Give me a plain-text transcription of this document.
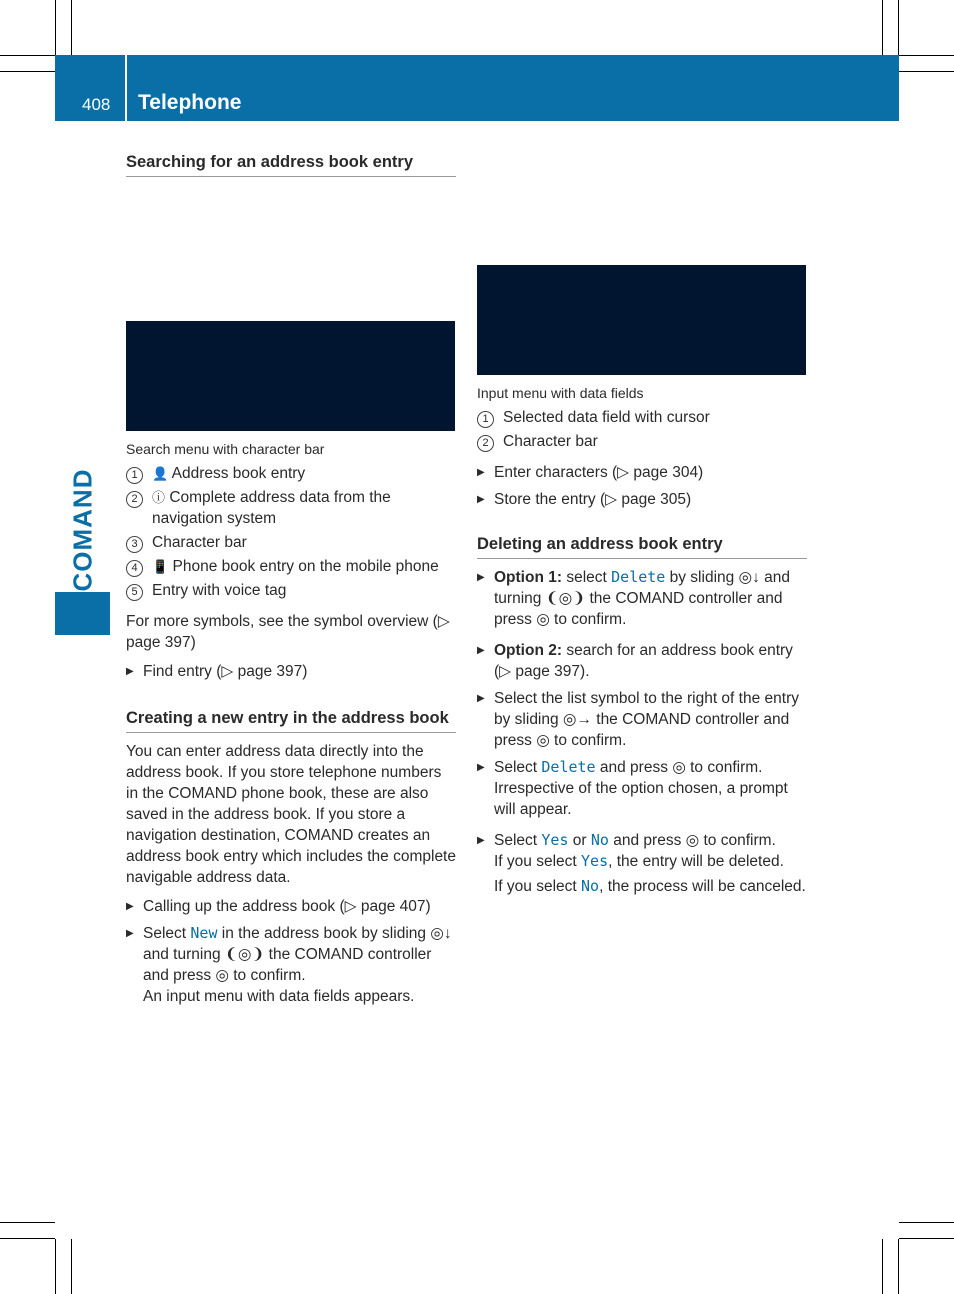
408 Telephone
COMAND
Searching for an address book entry
Search menu with character bar
1	👤 Address book entry
2	ⓘ Complete address data from the navigation system
3 Character bar
4	📱 Phone book entry on the mobile phone
5 Entry with voice tag

For more symbols, see the symbol overview (▷ page 397)

▶ Find entry (▷ page 397)
Creating a new entry in the address book

You can enter address data directly into the address book. If you store telephone numbers in the COMAND phone book, these are also saved in the address book. If you store a navigation destination, COMAND creates an address book entry which includes the complete navigable address data.

▶ Calling up the address book (▷ page 407)
▶ Select New in the address book by sliding ◎↓ and turning ❨◎❩ the COMAND controller and press ◎ to confirm.
An input menu with data fields appears.
Input menu with data fields
1 Selected data field with cursor
2 Character bar
▶ Enter characters (▷ page 304)
▶ Store the entry (▷ page 305)
Deleting an address book entry
▶ Option 1: select Delete by sliding ◎↓ and turning ❨◎❩ the COMAND controller and press ◎ to confirm.
▶ Option 2: search for an address book entry (▷ page 397).
▶ Select the list symbol to the right of the entry by sliding ◎→ the COMAND controller and press ◎ to confirm.
▶ Select Delete and press ◎ to confirm.
Irrespective of the option chosen, a prompt will appear.
▶ Select Yes or No and press ◎ to confirm.
If you select Yes, the entry will be deleted.
If you select No, the process will be canceled.
